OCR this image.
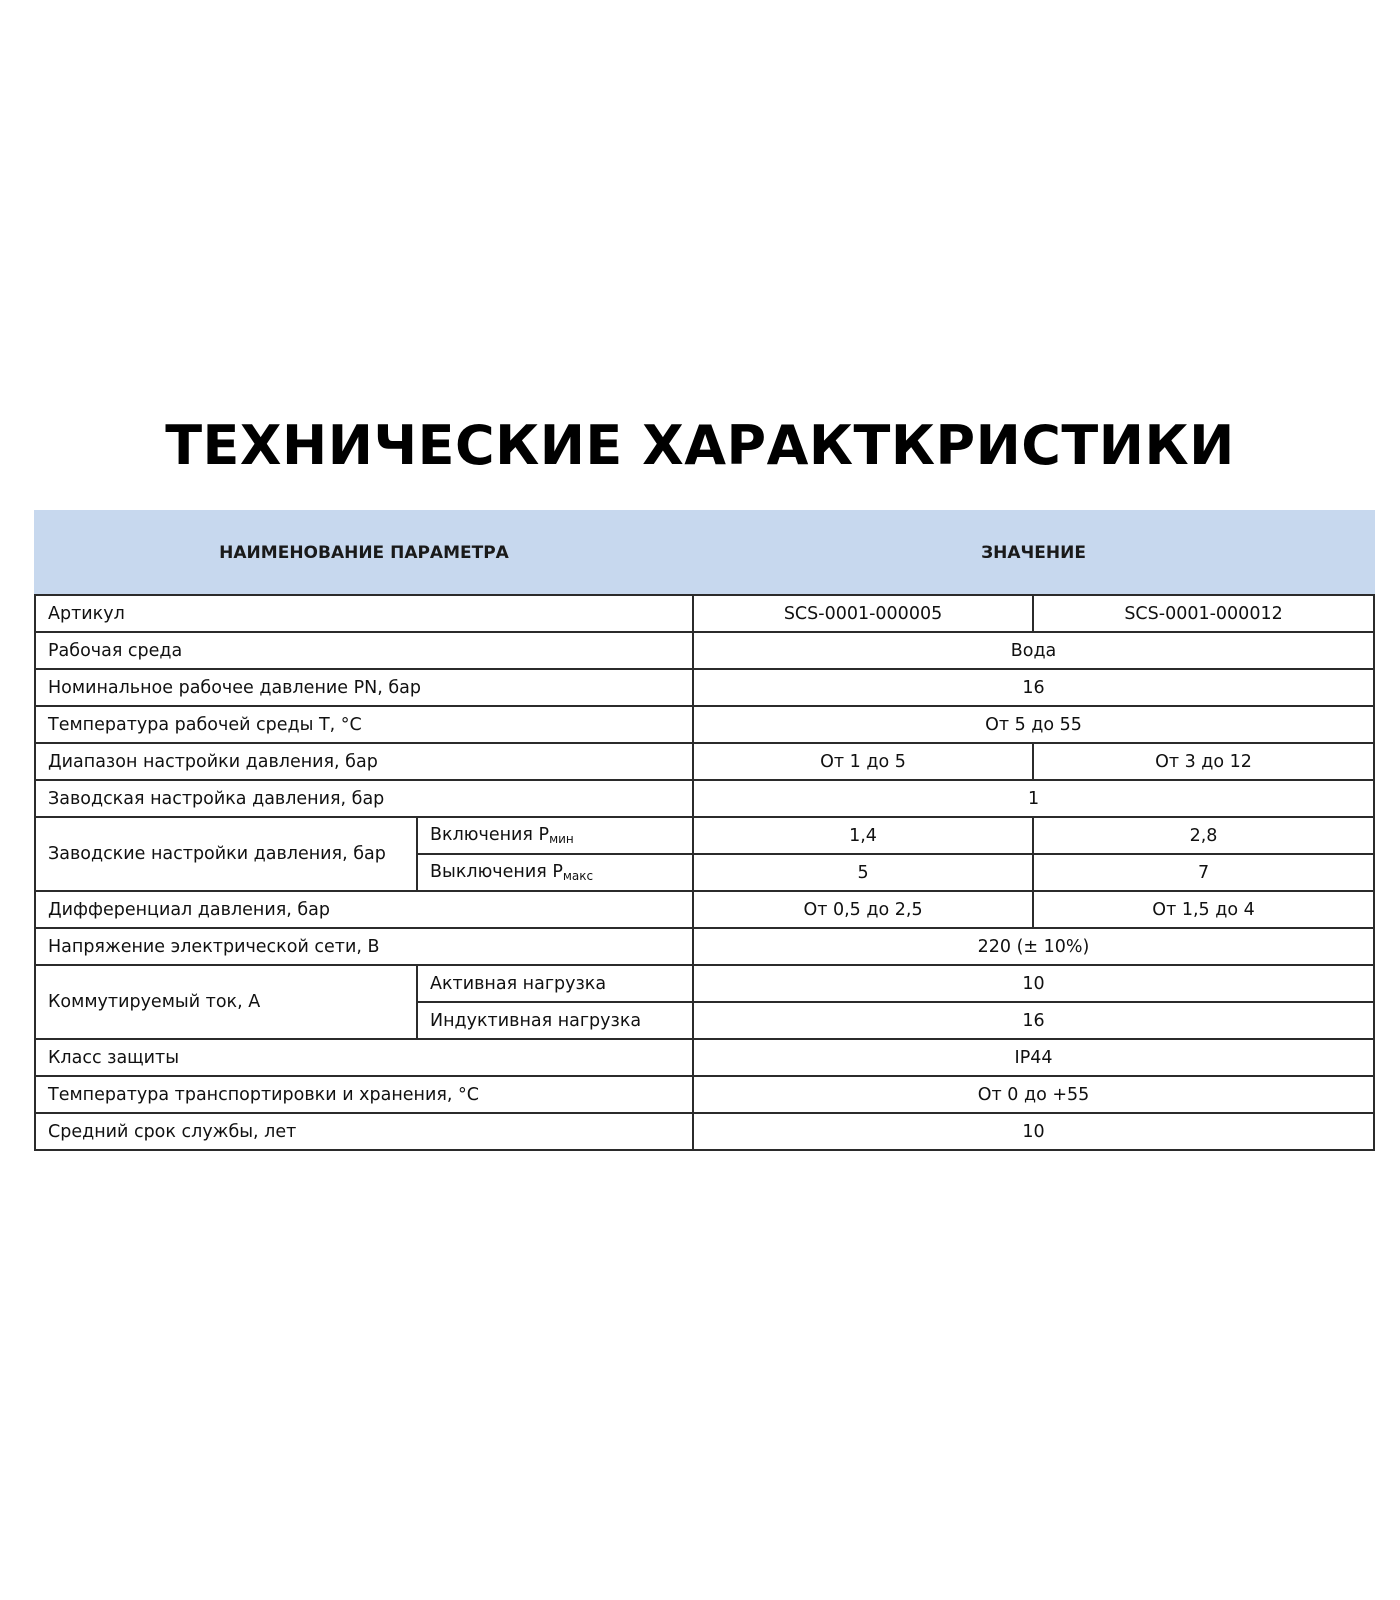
ТЕХНИЧЕСКИЕ ХАРАКТКРИСТИКИ
НАИМЕНОВАНИЕ ПАРАМЕТРА		ЗНАЧЕНИЕ	
Артикул		SCS-0001-000005	SCS-0001-000012
Рабочая среда		Вода	
Номинальное рабочее давление PN, бар		16	
Температура рабочей среды Т, °С		От 5 до 55	
Диапазон настройки давления, бар		От 1 до 5	От 3 до 12
Заводская настройка давления, бар		1	
Заводские настройки давления, бар	Включения $P_{мин}$	1,4	2,8
	Выключения $P_{макс}$	5	7
Дифференциал давления, бар		От 0,5 до 2,5	От 1,5 до 4
Напряжение электрической сети, В		220 (± 10%)	
Коммутируемый ток, А	Активная нагрузка	10	
	Индуктивная нагрузка	16	
Класс защиты		IP44	
Температура транспортировки и хранения, °С		От 0 до +55	
Средний срок службы, лет		10	
